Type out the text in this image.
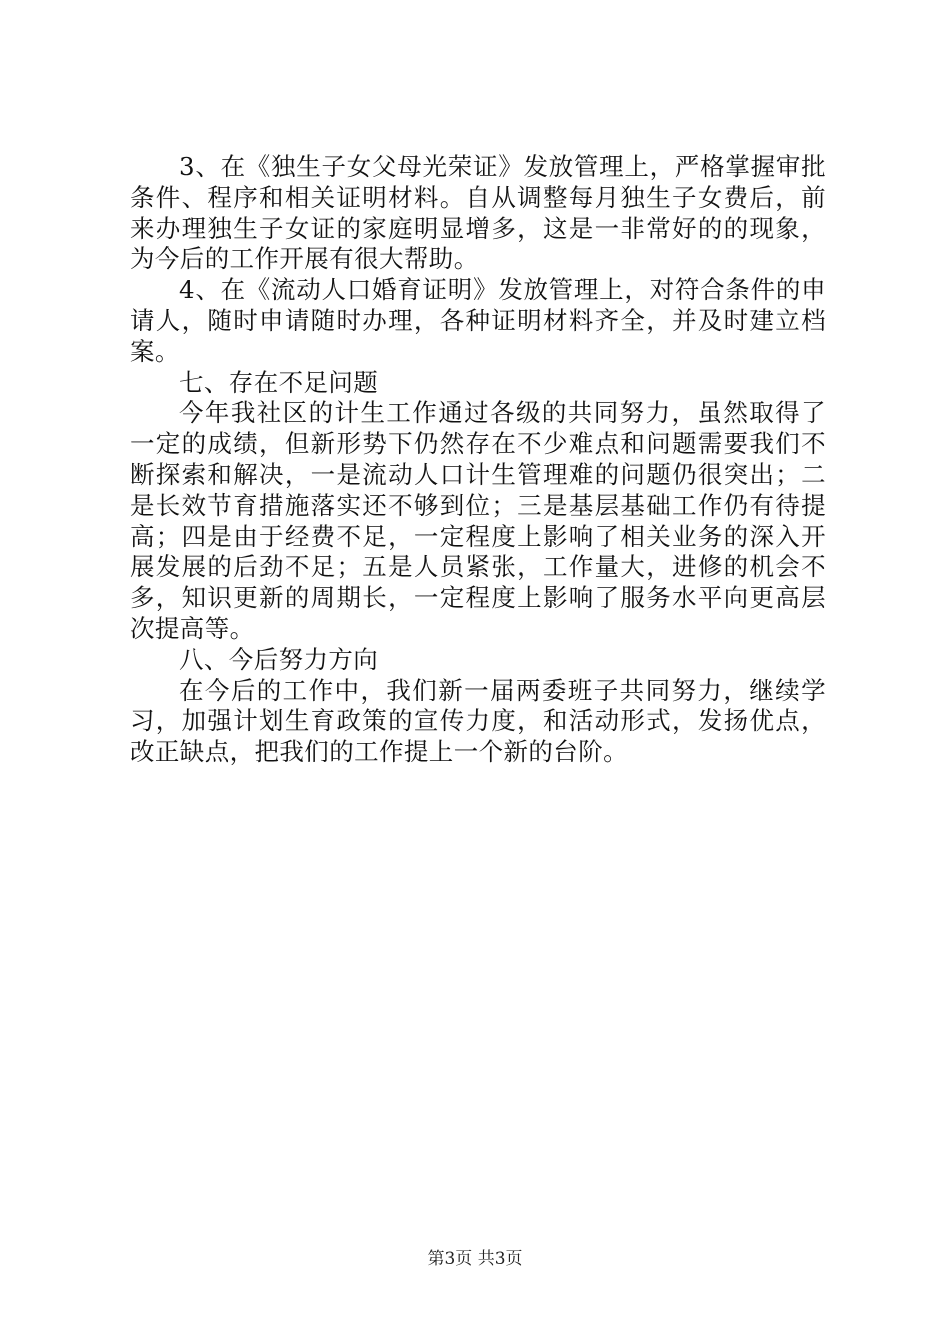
3、在《独生子女父母光荣证》发放管理上，严格掌握审批条件、程序和相关证明材料。自从调整每月独生子女费后，前来办理独生子女证的家庭明显增多，这是一非常好的的现象，为今后的工作开展有很大帮助。

4、在《流动人口婚育证明》发放管理上，对符合条件的申请人，随时申请随时办理，各种证明材料齐全，并及时建立档案。

七、存在不足问题

今年我社区的计生工作通过各级的共同努力，虽然取得了一定的成绩，但新形势下仍然存在不少难点和问题需要我们不断探索和解决，一是流动人口计生管理难的问题仍很突出；二是长效节育措施落实还不够到位；三是基层基础工作仍有待提高；四是由于经费不足，一定程度上影响了相关业务的深入开展发展的后劲不足；五是人员紧张，工作量大，进修的机会不多，知识更新的周期长，一定程度上影响了服务水平向更高层次提高等。

八、今后努力方向

在今后的工作中，我们新一届两委班子共同努力，继续学习，加强计划生育政策的宣传力度，和活动形式，发扬优点，改正缺点，把我们的工作提上一个新的台阶。

第3页 共3页
